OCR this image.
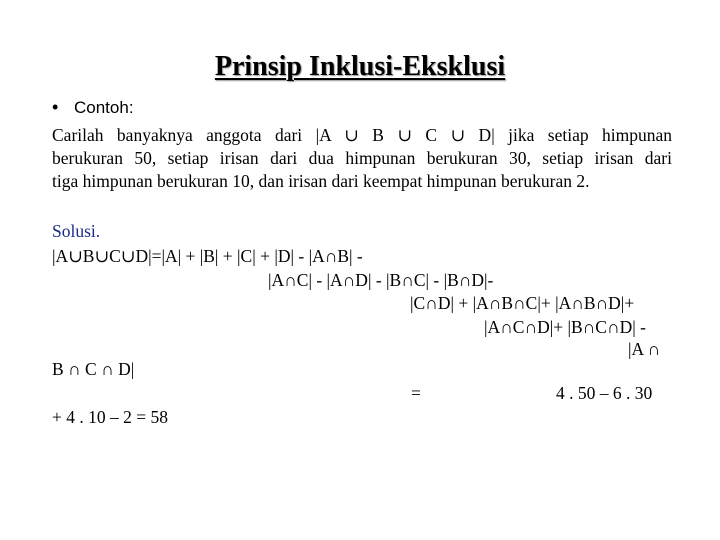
Prinsip Inklusi-Eksklusi
• Contoh:
Carilah banyaknya anggota dari |A ∪ B ∪ C ∪ D| jika setiap himpunan
berukuran 50, setiap irisan dari dua himpunan berukuran 30, setiap irisan dari
tiga himpunan berukuran 10, dan irisan dari keempat himpunan berukuran 2.
Solusi.
|A∪B∪C∪D|=|A| + |B| + |C| + |D| - |A∩B| -
|A∩C| - |A∩D| - |B∩C| - |B∩D|-
|C∩D| + |A∩B∩C|+ |A∩B∩D|+
|A∩C∩D|+ |B∩C∩D| -
|A ∩
B ∩ C ∩ D|
=	4 . 50 – 6 . 30
+ 4 . 10 – 2 = 58
